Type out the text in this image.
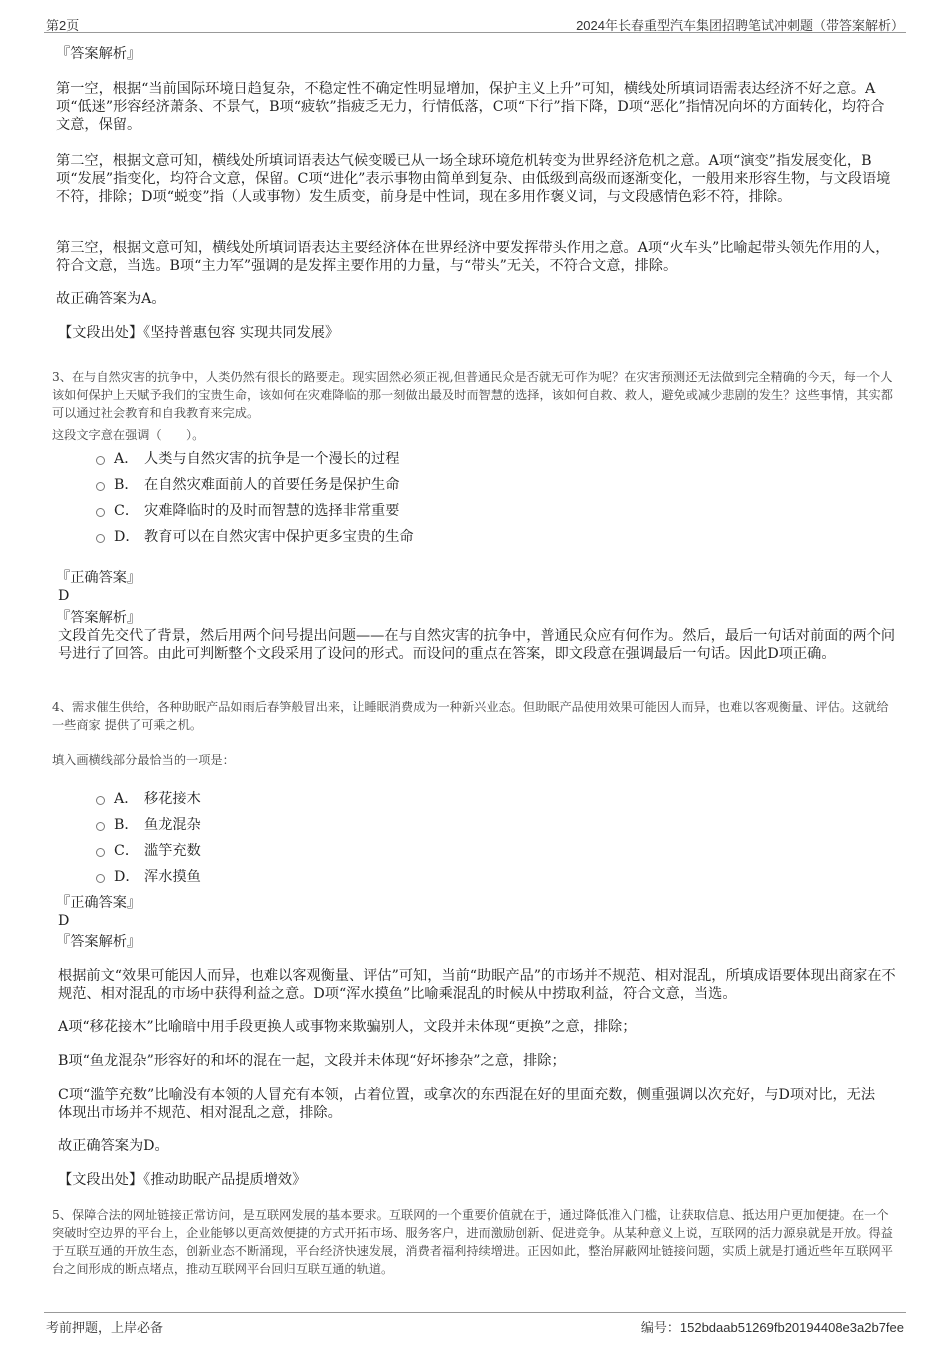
第2页	2024年长春重型汽车集团招聘笔试冲刺题（带答案解析）
『答案解析』

第一空，根据“当前国际环境日趋复杂，不稳定性不确定性明显增加，保护主义上升”可知，横线处所填词语需表达经济不好之意。A项“低迷”形容经济萧条、不景气，B项“疲软”指疲乏无力，行情低落，C项“下行”指下降，D项“恶化”指情况向坏的方面转化，均符合文意，保留。

第二空，根据文意可知，横线处所填词语表达气候变暖已从一场全球环境危机转变为世界经济危机之意。A项“演变”指发展变化，B项“发展”指变化，均符合文意，保留。C项“进化”表示事物由简单到复杂、由低级到高级而逐渐变化，一般用来形容生物，与文段语境不符，排除；D项“蜕变”指（人或事物）发生质变，前身是中性词，现在多用作褒义词，与文段感情色彩不符，排除。

第三空，根据文意可知，横线处所填词语表达主要经济体在世界经济中要发挥带头作用之意。A项“火车头”比喻起带头领先作用的人，符合文意，当选。B项“主力军”强调的是发挥主要作用的力量，与“带头”无关，不符合文意，排除。

故正确答案为A。

【文段出处】《坚持普惠包容 实现共同发展》

3、在与自然灾害的抗争中，人类仍然有很长的路要走。现实固然必须正视,但普通民众是否就无可作为呢？在灾害预测还无法做到完全精确的今天，每一个人该如何保护上天赋予我们的宝贵生命，该如何在灾难降临的那一刻做出最及时而智慧的选择，该如何自救、救人，避免或减少悲剧的发生？这些事情，其实都可以通过社会教育和自我教育来完成。

这段文字意在强调（　　）。

A． 人类与自然灾害的抗争是一个漫长的过程
B． 在自然灾难面前人的首要任务是保护生命
C． 灾难降临时的及时而智慧的选择非常重要
D． 教育可以在自然灾害中保护更多宝贵的生命
『正确答案』
D
『答案解析』

文段首先交代了背景，然后用两个问号提出问题——在与自然灾害的抗争中，普通民众应有何作为。然后，最后一句话对前面的两个问号进行了回答。由此可判断整个文段采用了设问的形式。而设问的重点在答案，即文段意在强调最后一句话。因此D项正确。

4、需求催生供给，各种助眠产品如雨后春笋般冒出来，让睡眠消费成为一种新兴业态。但助眠产品使用效果可能因人而异，也难以客观衡量、评估。这就给一些商家 提供了可乘之机。

填入画横线部分最恰当的一项是：

A． 移花接木
B． 鱼龙混杂
C． 滥竽充数
D． 浑水摸鱼
『正确答案』
D
『答案解析』

根据前文“效果可能因人而异，也难以客观衡量、评估”可知，当前“助眠产品”的市场并不规范、相对混乱，所填成语要体现出商家在不规范、相对混乱的市场中获得利益之意。D项“浑水摸鱼”比喻乘混乱的时候从中捞取利益，符合文意，当选。

A项“移花接木”比喻暗中用手段更换人或事物来欺骗别人，文段并未体现“更换”之意，排除；

B项“鱼龙混杂”形容好的和坏的混在一起，文段并未体现“好坏掺杂”之意，排除；

C项“滥竽充数”比喻没有本领的人冒充有本领，占着位置，或拿次的东西混在好的里面充数，侧重强调以次充好，与D项对比，无法体现出市场并不规范、相对混乱之意，排除。

故正确答案为D。

【文段出处】《推动助眠产品提质增效》

5、保障合法的网址链接正常访问，是互联网发展的基本要求。互联网的一个重要价值就在于，通过降低准入门槛，让获取信息、抵达用户更加便捷。在一个突破时空边界的平台上，企业能够以更高效便捷的方式开拓市场、服务客户，进而激励创新、促进竞争。从某种意义上说，互联网的活力源泉就是开放。得益于互联互通的开放生态，创新业态不断涌现，平台经济快速发展，消费者福利持续增进。正因如此，整治屏蔽网址链接问题，实质上就是打通近些年互联网平台之间形成的断点堵点，推动互联网平台回归互联互通的轨道。

考前押题，上岸必备	编号：152bdaab51269fb20194408e3a2b7fee
